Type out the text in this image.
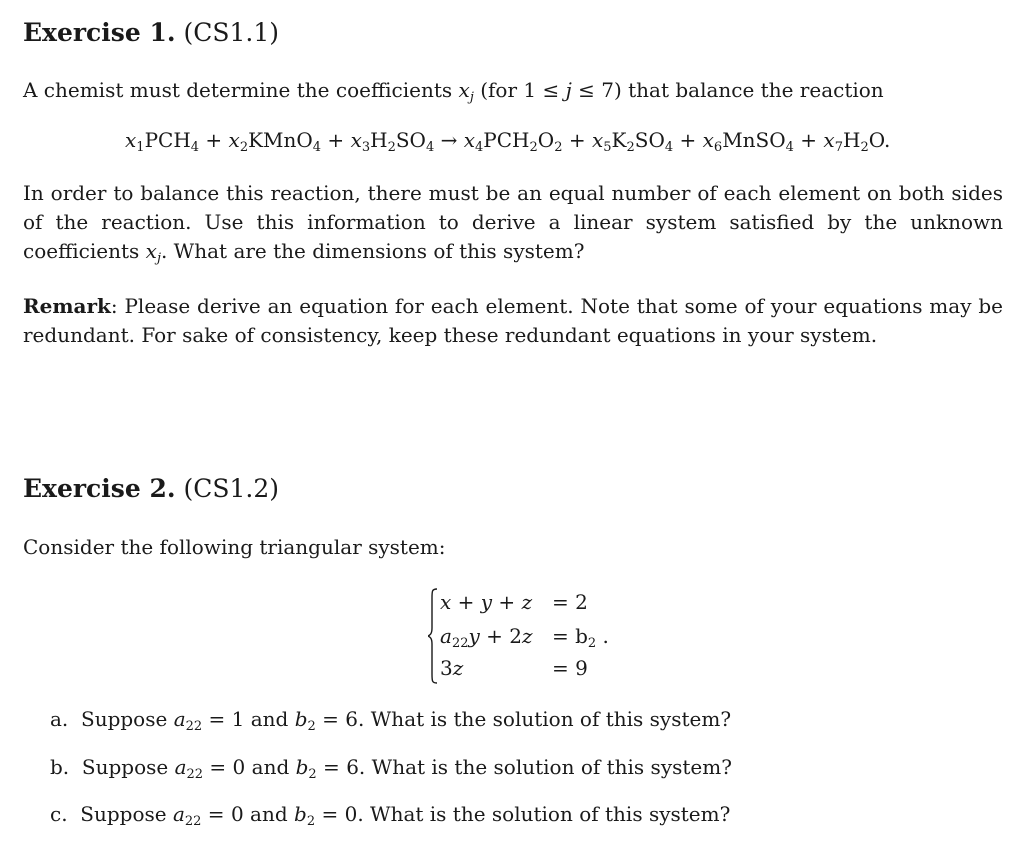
Exercise 1. (CS1.1)
A chemist must determine the coefficients $x_j$ (for 1 ≤ j ≤ 7) that balance the reaction
$x_1PCH_4$ + $x_2KMnO_4 + x_3H_2SO_4 \to x_4PCH_2O_2 + x_5K_2SO_4$ + $x_6MnSO_4 + x_7H_2O$.
In order to balance this reaction, there must be an equal number of each element on both sides of the reaction. Use this information to derive a linear system satisfied by the unknown coefficients $x_j$. What are the dimensions of this system?
Remark: Please derive an equation for each element. Note that some of your equations may be redundant. For sake of consistency, keep these redundant equations in your system.
Exercise 2. (CS1.2)
Consider the following triangular system:
x + y + z = 2
$a_{22}y + 2z = b_2$ .
3z	= 9
a.  Suppose $a_{22} = 1$ and $b_2 = 6$. What is the solution of this system?
b.  Suppose $a_{22} = 0$ and $b_2 = 6$. What is the solution of this system?
c.  Suppose $a_{22} = 0$ and $b_2 = 0$. What is the solution of this system?
